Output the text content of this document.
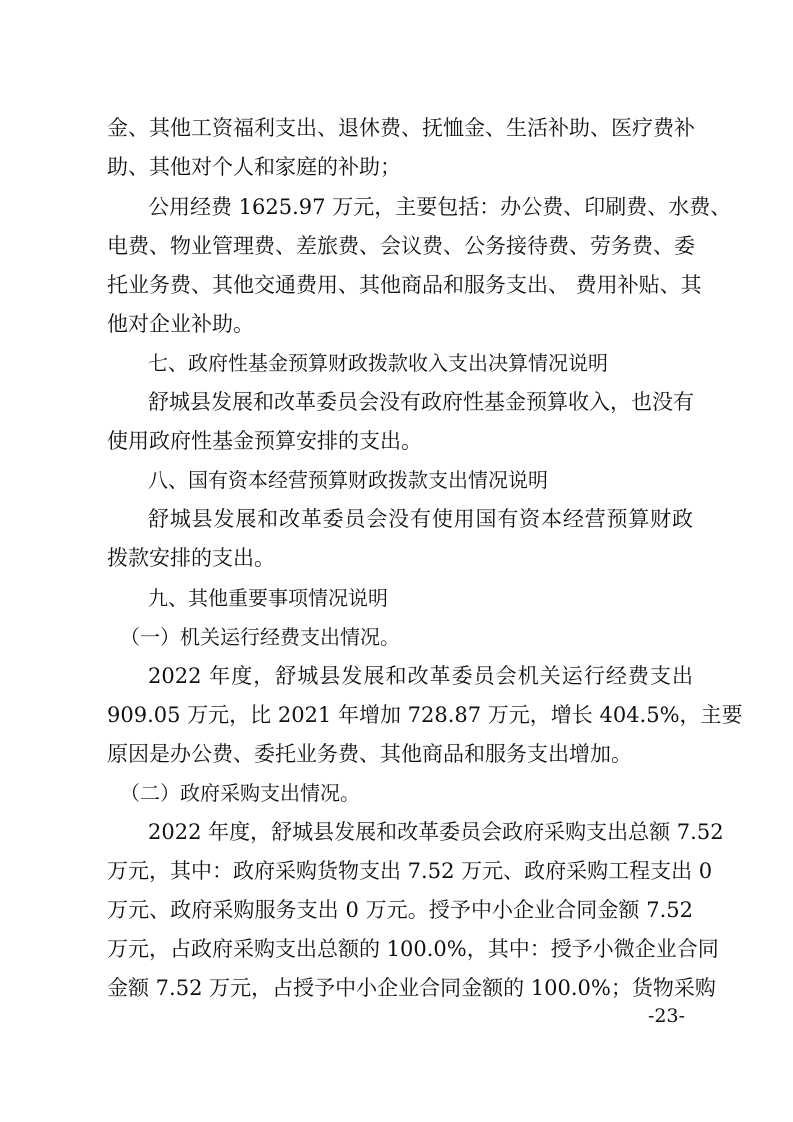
金、其他工资福利支出、退休费、抚恤金、生活补助、医疗费补
助、其他对个人和家庭的补助；
公用经费 1625.97 万元，主要包括：办公费、印刷费、水费、
电费、物业管理费、差旅费、会议费、公务接待费、劳务费、委
托业务费、其他交通费用、其他商品和服务支出、 费用补贴、其
他对企业补助。
七、政府性基金预算财政拨款收入支出决算情况说明
舒城县发展和改革委员会没有政府性基金预算收入，也没有
使用政府性基金预算安排的支出。
八、国有资本经营预算财政拨款支出情况说明
舒城县发展和改革委员会没有使用国有资本经营预算财政
拨款安排的支出。
九、其他重要事项情况说明
（一）机关运行经费支出情况。
2022 年度，舒城县发展和改革委员会机关运行经费支出
909.05 万元，比 2021 年增加 728.87 万元，增长 404.5%，主要
原因是办公费、委托业务费、其他商品和服务支出增加。
（二）政府采购支出情况。
2022 年度，舒城县发展和改革委员会政府采购支出总额 7.52
万元，其中：政府采购货物支出 7.52 万元、政府采购工程支出 0
万元、政府采购服务支出 0 万元。授予中小企业合同金额 7.52
万元，占政府采购支出总额的 100.0%，其中：授予小微企业合同
金额 7.52 万元，占授予中小企业合同金额的 100.0%；货物采购
-23-
